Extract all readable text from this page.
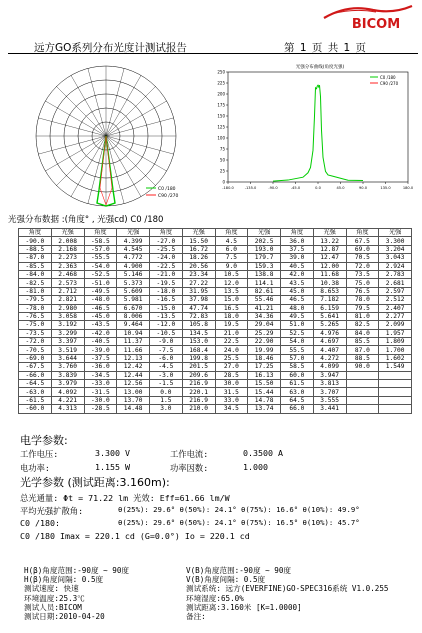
BICOM
远方GO系列分布光度计测试报告	第 1 页 共 1 页
C0 /180
C90 /270
光强分布曲线(角度光强)
250
225
200
175
150
125
100
75
50
25
0
-180.0	-135.0	-90.0	-45.0	0.0	45.0	90.0	135.0	180.0
C0 /180
C90 /270
光强分布数据 :(角度° , 光强cd) C0 /180
角度	光强	角度	光强	角度	光强	角度	光强	角度	光强	角度	光强
-90.0	2.008	-58.5	4.399	-27.0	15.50	4.5	202.5	36.0	13.22	67.5	3.300
-88.5	2.168	-57.0	4.545	-25.5	16.72	6.0	193.0	37.5	12.87	69.0	3.204
-87.0	2.273	-55.5	4.772	-24.0	18.26	7.5	179.7	39.0	12.47	70.5	3.043
-85.5	2.363	-54.0	4.900	-22.5	20.56	9.0	159.3	40.5	12.00	72.0	2.924
-84.0	2.468	-52.5	5.146	-21.0	23.34	10.5	138.8	42.0	11.68	73.5	2.783
-82.5	2.573	-51.0	5.373	-19.5	27.22	12.0	114.1	43.5	10.38	75.0	2.681
-81.0	2.712	-49.5	5.609	-18.0	31.95	13.5	82.61	45.0	8.653	76.5	2.597
-79.5	2.821	-48.0	5.981	-16.5	37.98	15.0	55.46	46.5	7.182	78.0	2.512
-78.0	2.980	-46.5	6.670	-15.0	47.74	16.5	41.21	48.0	6.159	79.5	2.407
-76.5	3.058	-45.0	8.006	-13.5	72.83	18.0	34.36	49.5	5.641	81.0	2.277
-75.0	3.192	-43.5	9.464	-12.0	105.8	19.5	29.04	51.0	5.265	82.5	2.099
-73.5	3.299	-42.0	10.94	-10.5	134.5	21.0	25.29	52.5	4.976	84.0	1.957
-72.0	3.397	-40.5	11.37	-9.0	153.0	22.5	22.90	54.0	4.697	85.5	1.809
-70.5	3.519	-39.0	11.66	-7.5	168.4	24.0	19.99	55.5	4.407	87.0	1.700
-69.0	3.644	-37.5	12.13	-6.0	199.8	25.5	18.46	57.0	4.272	88.5	1.602
-67.5	3.760	-36.0	12.42	-4.5	201.5	27.0	17.25	58.5	4.099	90.0	1.549
-66.0	3.839	-34.5	12.44	-3.0	209.6	28.5	16.13	60.0	3.947		
-64.5	3.979	-33.0	12.56	-1.5	216.9	30.0	15.50	61.5	3.813		
-63.0	4.092	-31.5	13.00	0.0	220.1	31.5	15.44	63.0	3.707		
-61.5	4.221	-30.0	13.70	1.5	216.9	33.0	14.78	64.5	3.555		
-60.0	4.313	-28.5	14.48	3.0	210.0	34.5	13.74	66.0	3.441		
电学参数:
工作电压:	3.300 V	工作电流:	0.3500 A
电功率:	1.155 W	功率因数:	1.000
光学参数 (测试距离:3.160m):
总光通量: Φt = 71.22 lm 光效: Eff=61.66 lm/W
平均光强扩散角:	θ(25%): 29.6° θ(50%): 24.1° θ(75%): 16.6° θ(10%): 49.9°
C0 /180:	θ(25%): 29.6° θ(50%): 24.1° θ(75%): 16.5° θ(10%): 45.7°
C0 /180 Imax = 220.1 cd (G=0.0°) Io = 220.1 cd
H(β)角度范围:-90度 ~ 90度
H(β)角度间隔: 0.5度
测试速度: 快速
环境温度:25.3℃
测试人员:BICOM
测试日期:2010-04-20
V(B)角度范围:-90度 ~ 90度
V(B)角度间隔: 0.5度
测试系统: 远方(EVERFINE)GO-SPEC316系统 V1.0.255
环境湿度:65.0%
测试距离:3.160米 [K=1.0000]
备注:
